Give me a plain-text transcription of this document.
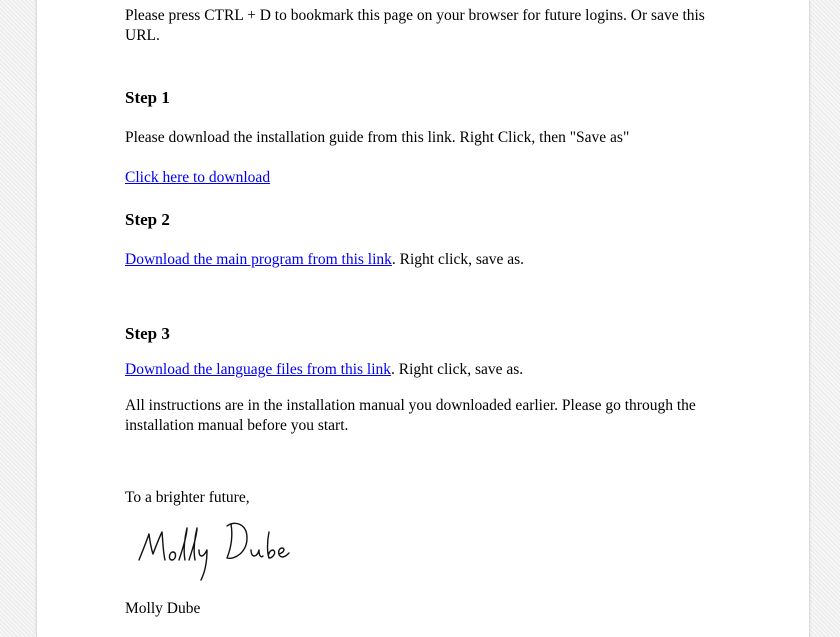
Please press CTRL + D to bookmark this page on your browser for future logins. Or save this URL.

Step 1

Please download the installation guide from this link. Right Click, then "Save as"

Click here to download

Step 2

Download the main program from this link. Right click, save as.

Step 3

Download the language files from this link. Right click, save as.

All instructions are in the installation manual you downloaded earlier. Please go through the installation manual before you start.

To a brighter future,

Molly Dube
